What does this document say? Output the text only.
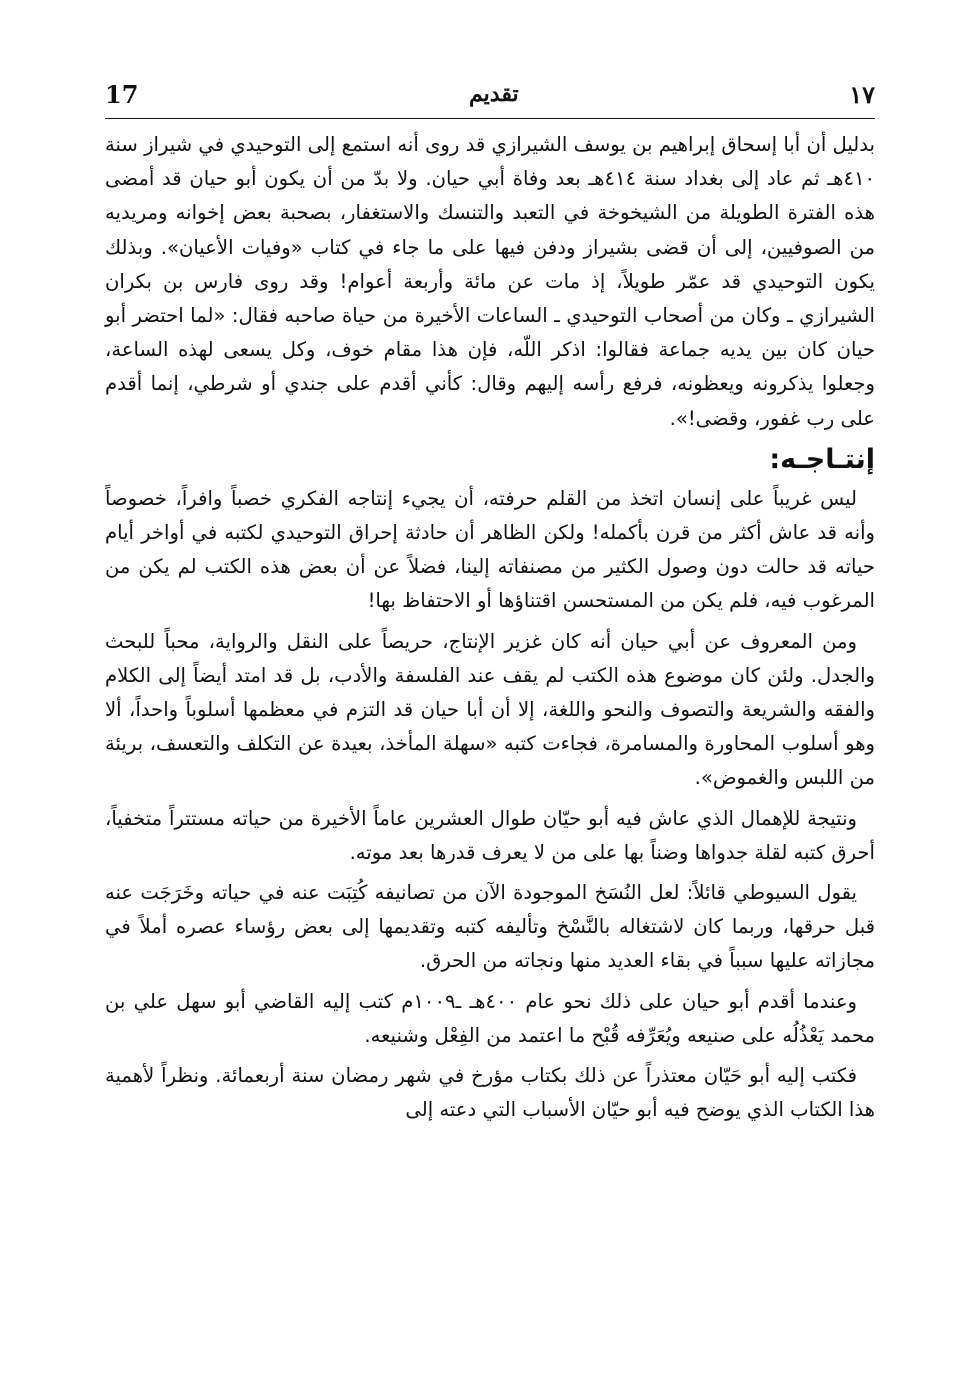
17	تقديم	١٧

بدليل أن أبا إسحاق إبراهيم بن يوسف الشيرازي قد روى أنه استمع إلى التوحيدي في شيراز سنة ٤١٠هـ ثم عاد إلى بغداد سنة ٤١٤هـ بعد وفاة أبي حيان. ولا بدّ من أن يكون أبو حيان قد أمضى هذه الفترة الطويلة من الشيخوخة في التعبد والتنسك والاستغفار، بصحبة بعض إخوانه ومريديه من الصوفيين، إلى أن قضى بشيراز ودفن فيها على ما جاء في كتاب «وفيات الأعيان». وبذلك يكون التوحيدي قد عمّر طويلاً، إذ مات عن مائة وأربعة أعوام! وقد روى فارس بن بكران الشيرازي ـ وكان من أصحاب التوحيدي ـ الساعات الأخيرة من حياة صاحبه فقال: «لما احتضر أبو حيان كان بين يديه جماعة فقالوا: اذكر اللّه، فإن هذا مقام خوف، وكل يسعى لهذه الساعة، وجعلوا يذكرونه ويعظونه، فرفع رأسه إليهم وقال: كأني أقدم على جندي أو شرطي، إنما أقدم على رب غفور، وقضى!».

إنتـاجـه:

ليس غريباً على إنسان اتخذ من القلم حرفته، أن يجيء إنتاجه الفكري خصباً وافراً، خصوصاً وأنه قد عاش أكثر من قرن بأكمله! ولكن الظاهر أن حادثة إحراق التوحيدي لكتبه في أواخر أيام حياته قد حالت دون وصول الكثير من مصنفاته إلينا، فضلاً عن أن بعض هذه الكتب لم يكن من المرغوب فيه، فلم يكن من المستحسن اقتناؤها أو الاحتفاظ بها!

ومن المعروف عن أبي حيان أنه كان غزير الإنتاج، حريصاً على النقل والرواية، محباً للبحث والجدل. ولئن كان موضوع هذه الكتب لم يقف عند الفلسفة والأدب، بل قد امتد أيضاً إلى الكلام والفقه والشريعة والتصوف والنحو واللغة، إلا أن أبا حيان قد التزم في معظمها أسلوباً واحداً، ألا وهو أسلوب المحاورة والمسامرة، فجاءت كتبه «سهلة المأخذ، بعيدة عن التكلف والتعسف، بريئة من اللبس والغموض».

ونتيجة للإهمال الذي عاش فيه أبو حيّان طوال العشرين عاماً الأخيرة من حياته مستتراً متخفياً، أحرق كتبه لقلة جدواها وضناً بها على من لا يعرف قدرها بعد موته.

يقول السيوطي قائلاً: لعل النُسَخ الموجودة الآن من تصانيفه كُتِبَت عنه في حياته وخَرَجَت عنه قبل حرقها، وربما كان لاشتغاله بالنَّسْخ وتأليفه كتبه وتقديمها إلى بعض رؤساء عصره أملاً في مجازاته عليها سبباً في بقاء العديد منها ونجاته من الحرق.

وعندما أقدم أبو حيان على ذلك نحو عام ٤٠٠هـ ـ١٠٠٩م كتب إليه القاضي أبو سهل علي بن محمد يَعْذُلُه على صنيعه ويُعَرِّفه قُبْح ما اعتمد من الفِعْل وشنيعه.

فكتب إليه أبو حَيّان معتذراً عن ذلك بكتاب مؤرخ في شهر رمضان سنة أربعمائة. ونظراً لأهمية هذا الكتاب الذي يوضح فيه أبو حيّان الأسباب التي دعته إلى
